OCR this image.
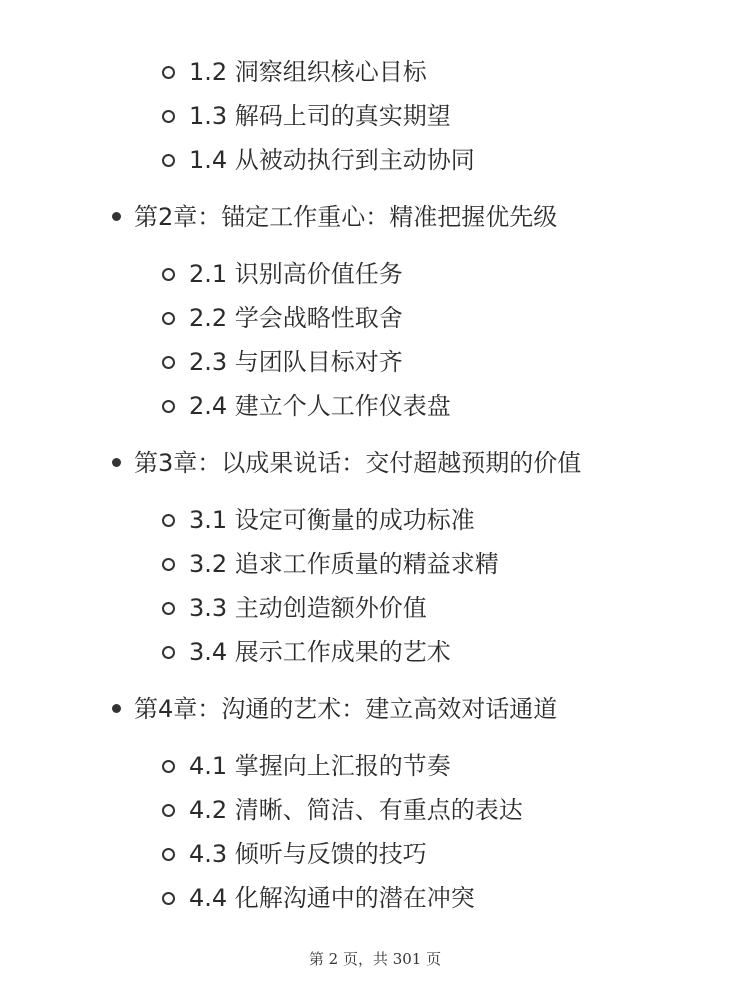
1.2 洞察组织核心目标
1.3 解码上司的真实期望
1.4 从被动执行到主动协同
第2章：锚定工作重心：精准把握优先级
2.1 识别高价值任务
2.2 学会战略性取舍
2.3 与团队目标对齐
2.4 建立个人工作仪表盘
第3章：以成果说话：交付超越预期的价值
3.1 设定可衡量的成功标准
3.2 追求工作质量的精益求精
3.3 主动创造额外价值
3.4 展示工作成果的艺术
第4章：沟通的艺术：建立高效对话通道
4.1 掌握向上汇报的节奏
4.2 清晰、简洁、有重点的表达
4.3 倾听与反馈的技巧
4.4 化解沟通中的潜在冲突
第 2 页，共 301 页
